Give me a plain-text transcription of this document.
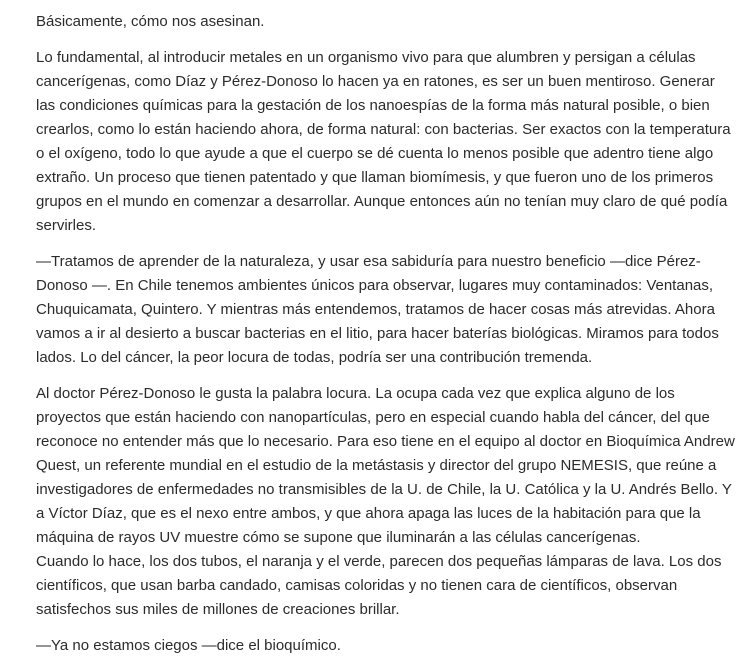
Básicamente, cómo nos asesinan.

Lo fundamental, al introducir metales en un organismo vivo para que alumbren y persigan a células cancerígenas, como Díaz y Pérez-Donoso lo hacen ya en ratones, es ser un buen mentiroso. Generar las condiciones químicas para la gestación de los nanoespías de la forma más natural posible, o bien crearlos, como lo están haciendo ahora, de forma natural: con bacterias. Ser exactos con la temperatura o el oxígeno, todo lo que ayude a que el cuerpo se dé cuenta lo menos posible que adentro tiene algo extraño. Un proceso que tienen patentado y que llaman biomímesis, y que fueron uno de los primeros grupos en el mundo en comenzar a desarrollar. Aunque entonces aún no tenían muy claro de qué podía servirles.

—Tratamos de aprender de la naturaleza, y usar esa sabiduría para nuestro beneficio —dice Pérez-Donoso —. En Chile tenemos ambientes únicos para observar, lugares muy contaminados: Ventanas, Chuquicamata, Quintero. Y mientras más entendemos, tratamos de hacer cosas más atrevidas. Ahora vamos a ir al desierto a buscar bacterias en el litio, para hacer baterías biológicas. Miramos para todos lados. Lo del cáncer, la peor locura de todas, podría ser una contribución tremenda.

Al doctor Pérez-Donoso le gusta la palabra locura. La ocupa cada vez que explica alguno de los proyectos que están haciendo con nanopartículas, pero en especial cuando habla del cáncer, del que reconoce no entender más que lo necesario. Para eso tiene en el equipo al doctor en Bioquímica Andrew Quest, un referente mundial en el estudio de la metástasis y director del grupo NEMESIS, que reúne a investigadores de enfermedades no transmisibles de la U. de Chile, la U. Católica y la U. Andrés Bello. Y a Víctor Díaz, que es el nexo entre ambos, y que ahora apaga las luces de la habitación para que la máquina de rayos UV muestre cómo se supone que iluminarán a las células cancerígenas.

Cuando lo hace, los dos tubos, el naranja y el verde, parecen dos pequeñas lámparas de lava. Los dos científicos, que usan barba candado, camisas coloridas y no tienen cara de científicos, observan satisfechos sus miles de millones de creaciones brillar.

—Ya no estamos ciegos —dice el bioquímico.
